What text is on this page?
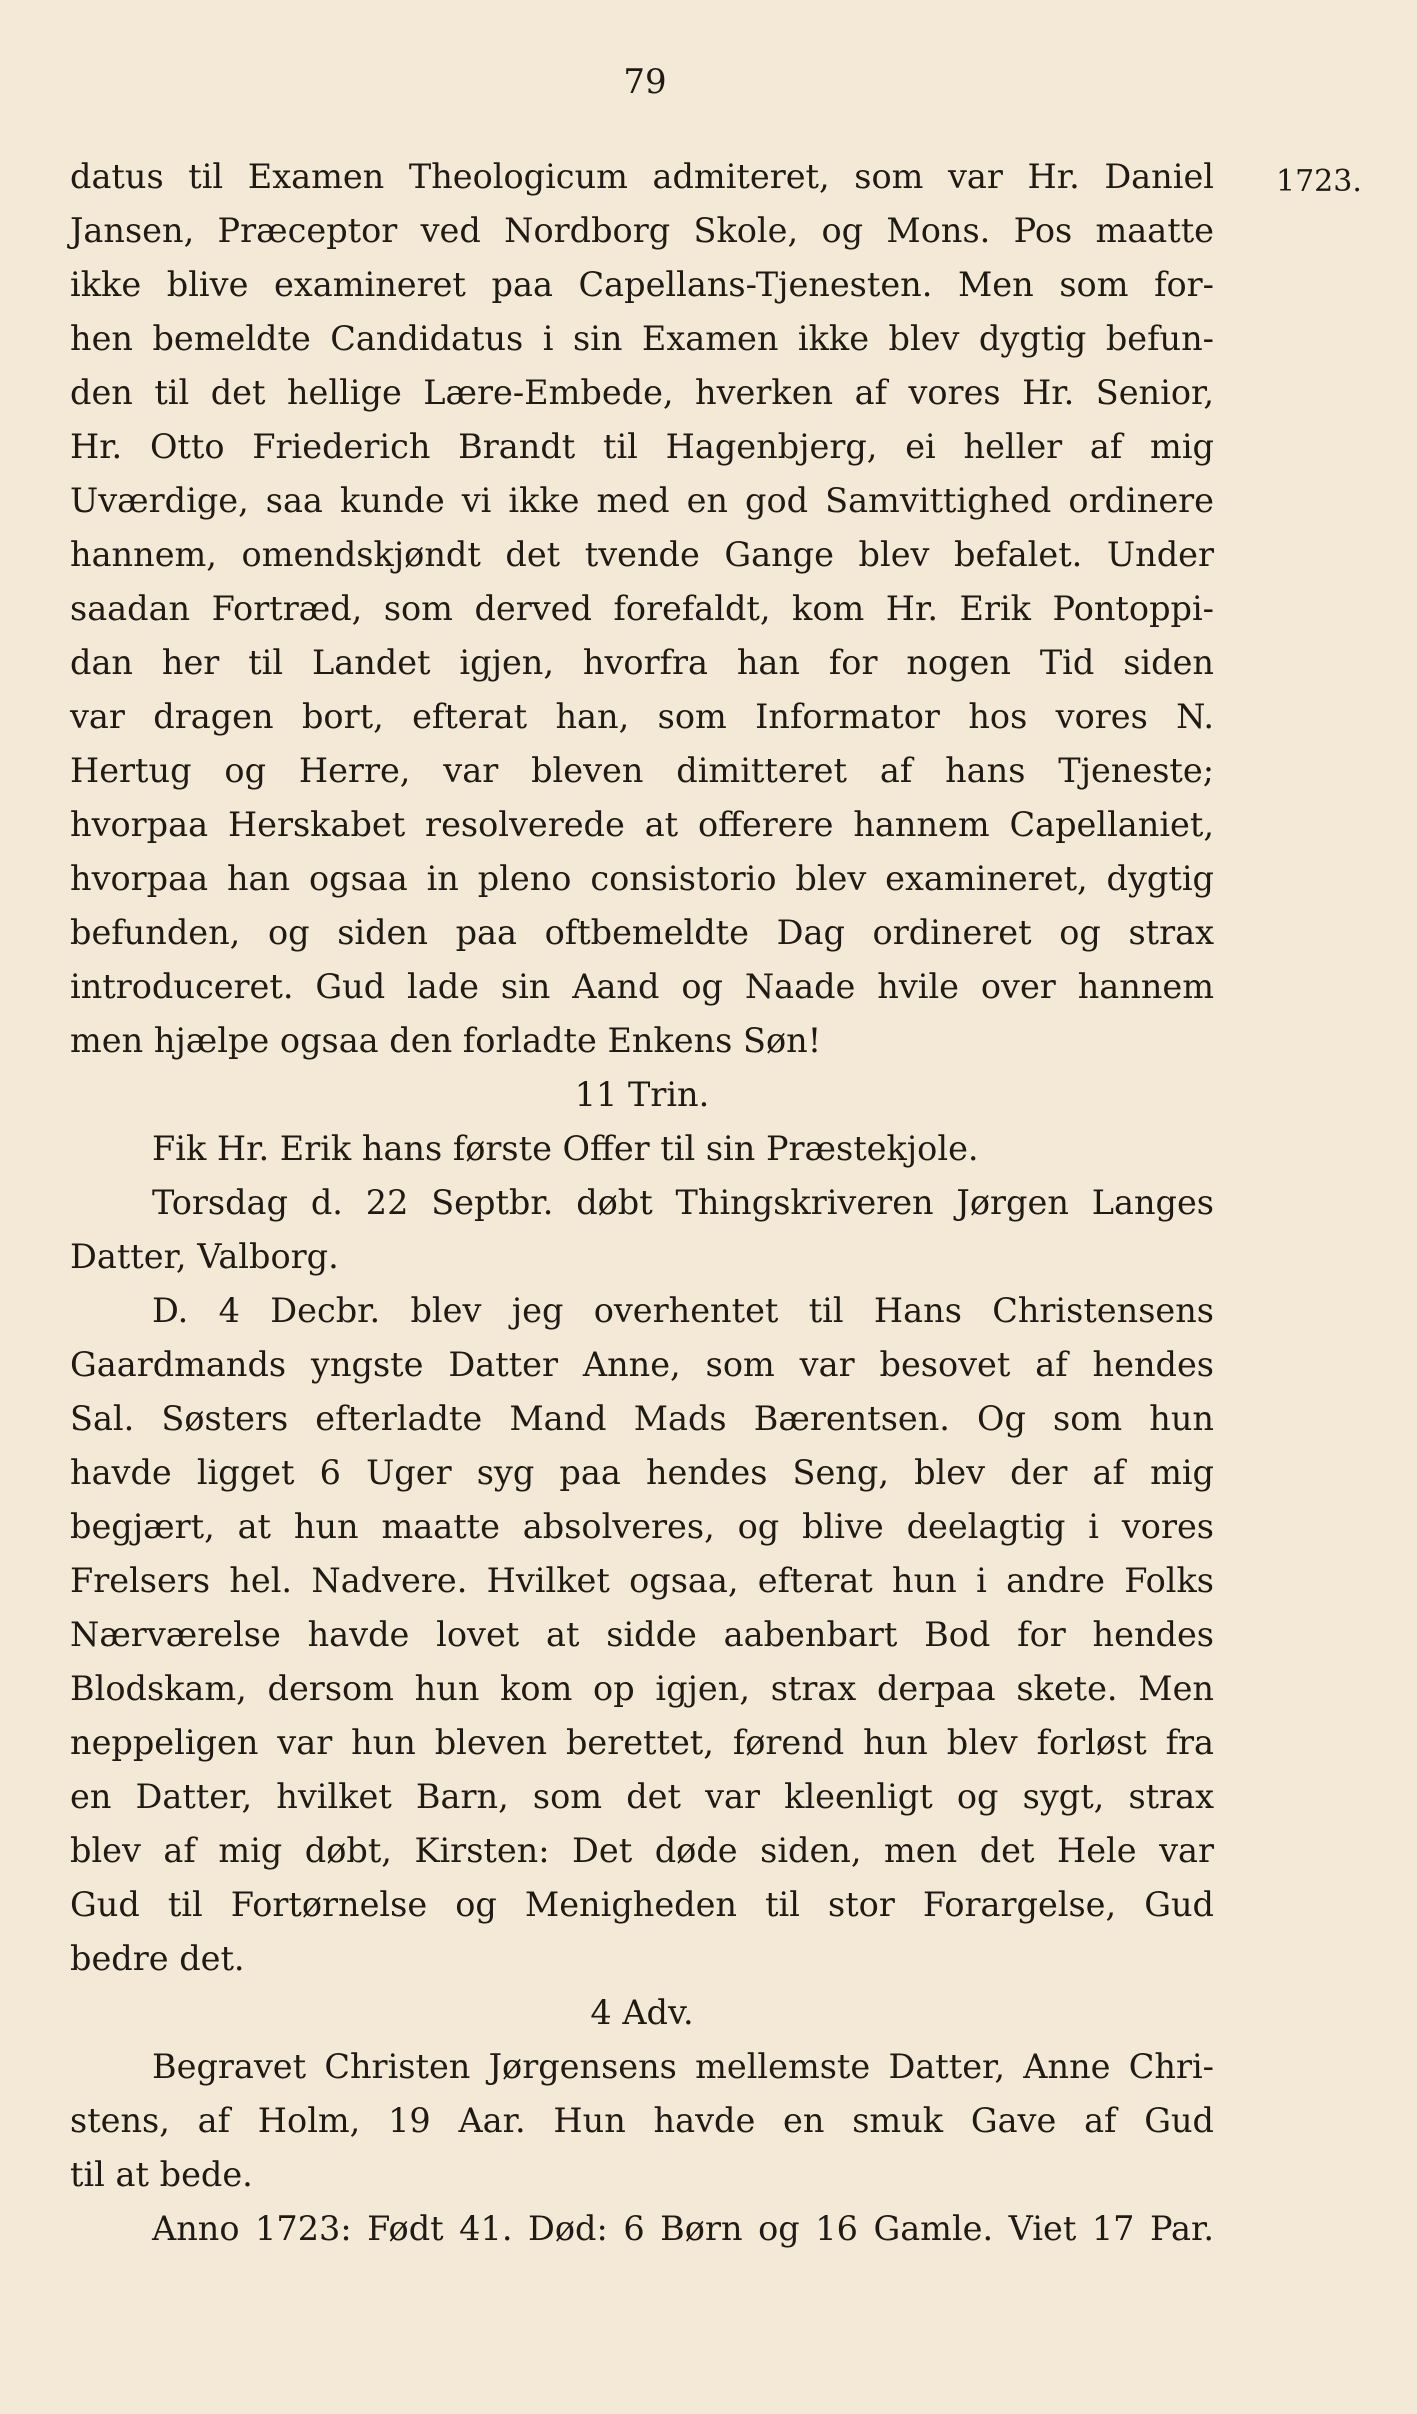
79
1723.
datus til Examen Theologicum admiteret, som var Hr. Daniel
Jansen, Præceptor ved Nordborg Skole, og Mons. Pos maatte
ikke blive examineret paa Capellans-Tjenesten. Men som for-
hen bemeldte Candidatus i sin Examen ikke blev dygtig befun-
den til det hellige Lære-Embede, hverken af vores Hr. Senior,
Hr. Otto Friederich Brandt til Hagenbjerg, ei heller af mig
Uværdige, saa kunde vi ikke med en god Samvittighed ordinere
hannem, omendskjøndt det tvende Gange blev befalet. Under
saadan Fortræd, som derved forefaldt, kom Hr. Erik Pontoppi-
dan her til Landet igjen, hvorfra han for nogen Tid siden
var dragen bort, efterat han, som Informator hos vores N.
Hertug og Herre, var bleven dimitteret af hans Tjeneste;
hvorpaa Herskabet resolverede at offerere hannem Capellaniet,
hvorpaa han ogsaa in pleno consistorio blev examineret, dygtig
befunden, og siden paa oftbemeldte Dag ordineret og strax
introduceret. Gud lade sin Aand og Naade hvile over hannem
men hjælpe ogsaa den forladte Enkens Søn!
11 Trin.
Fik Hr. Erik hans første Offer til sin Præstekjole.
Torsdag d. 22 Septbr. døbt Thingskriveren Jørgen Langes
Datter, Valborg.
D. 4 Decbr. blev jeg overhentet til Hans Christensens
Gaardmands yngste Datter Anne, som var besovet af hendes
Sal. Søsters efterladte Mand Mads Bærentsen. Og som hun
havde ligget 6 Uger syg paa hendes Seng, blev der af mig
begjært, at hun maatte absolveres, og blive deelagtig i vores
Frelsers hel. Nadvere. Hvilket ogsaa, efterat hun i andre Folks
Nærværelse havde lovet at sidde aabenbart Bod for hendes
Blodskam, dersom hun kom op igjen, strax derpaa skete. Men
neppeligen var hun bleven berettet, førend hun blev forløst fra
en Datter, hvilket Barn, som det var kleenligt og sygt, strax
blev af mig døbt, Kirsten: Det døde siden, men det Hele var
Gud til Fortørnelse og Menigheden til stor Forargelse, Gud
bedre det.
4 Adv.
Begravet Christen Jørgensens mellemste Datter, Anne Chri-
stens, af Holm, 19 Aar. Hun havde en smuk Gave af Gud
til at bede.
Anno 1723: Født 41. Død: 6 Børn og 16 Gamle. Viet 17 Par.
